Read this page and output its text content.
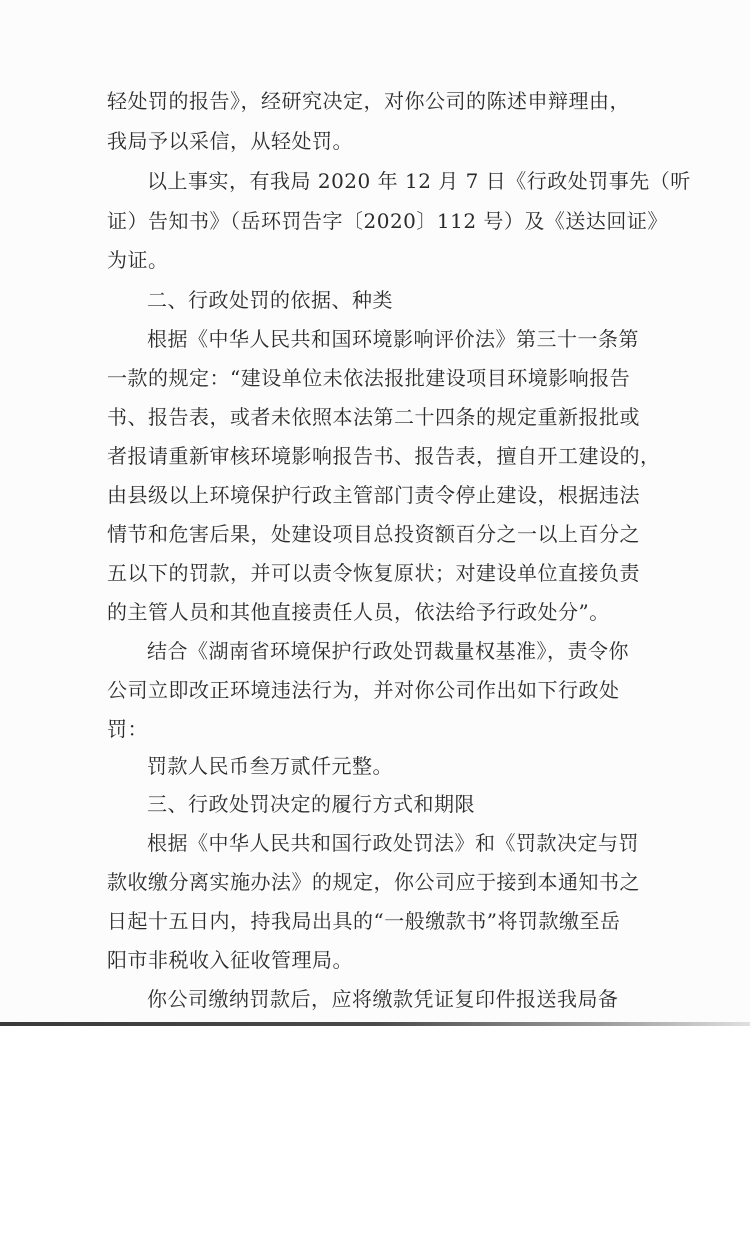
轻处罚的报告》，经研究决定，对你公司的陈述申辩理由，
我局予以采信，从轻处罚。
以上事实，有我局 2020 年 12 月 7 日《行政处罚事先（听
证）告知书》（岳环罚告字〔2020〕112 号）及《送达回证》
为证。
二、行政处罚的依据、种类
根据《中华人民共和国环境影响评价法》第三十一条第
一款的规定：“建设单位未依法报批建设项目环境影响报告
书、报告表，或者未依照本法第二十四条的规定重新报批或
者报请重新审核环境影响报告书、报告表，擅自开工建设的，
由县级以上环境保护行政主管部门责令停止建设，根据违法
情节和危害后果，处建设项目总投资额百分之一以上百分之
五以下的罚款，并可以责令恢复原状；对建设单位直接负责
的主管人员和其他直接责任人员，依法给予行政处分”。
结合《湖南省环境保护行政处罚裁量权基准》，责令你
公司立即改正环境违法行为，并对你公司作出如下行政处
罚：
罚款人民币叁万贰仟元整。
三、行政处罚决定的履行方式和期限
根据《中华人民共和国行政处罚法》和《罚款决定与罚
款收缴分离实施办法》的规定，你公司应于接到本通知书之
日起十五日内，持我局出具的“一般缴款书”将罚款缴至岳
阳市非税收入征收管理局。
你公司缴纳罚款后，应将缴款凭证复印件报送我局备
